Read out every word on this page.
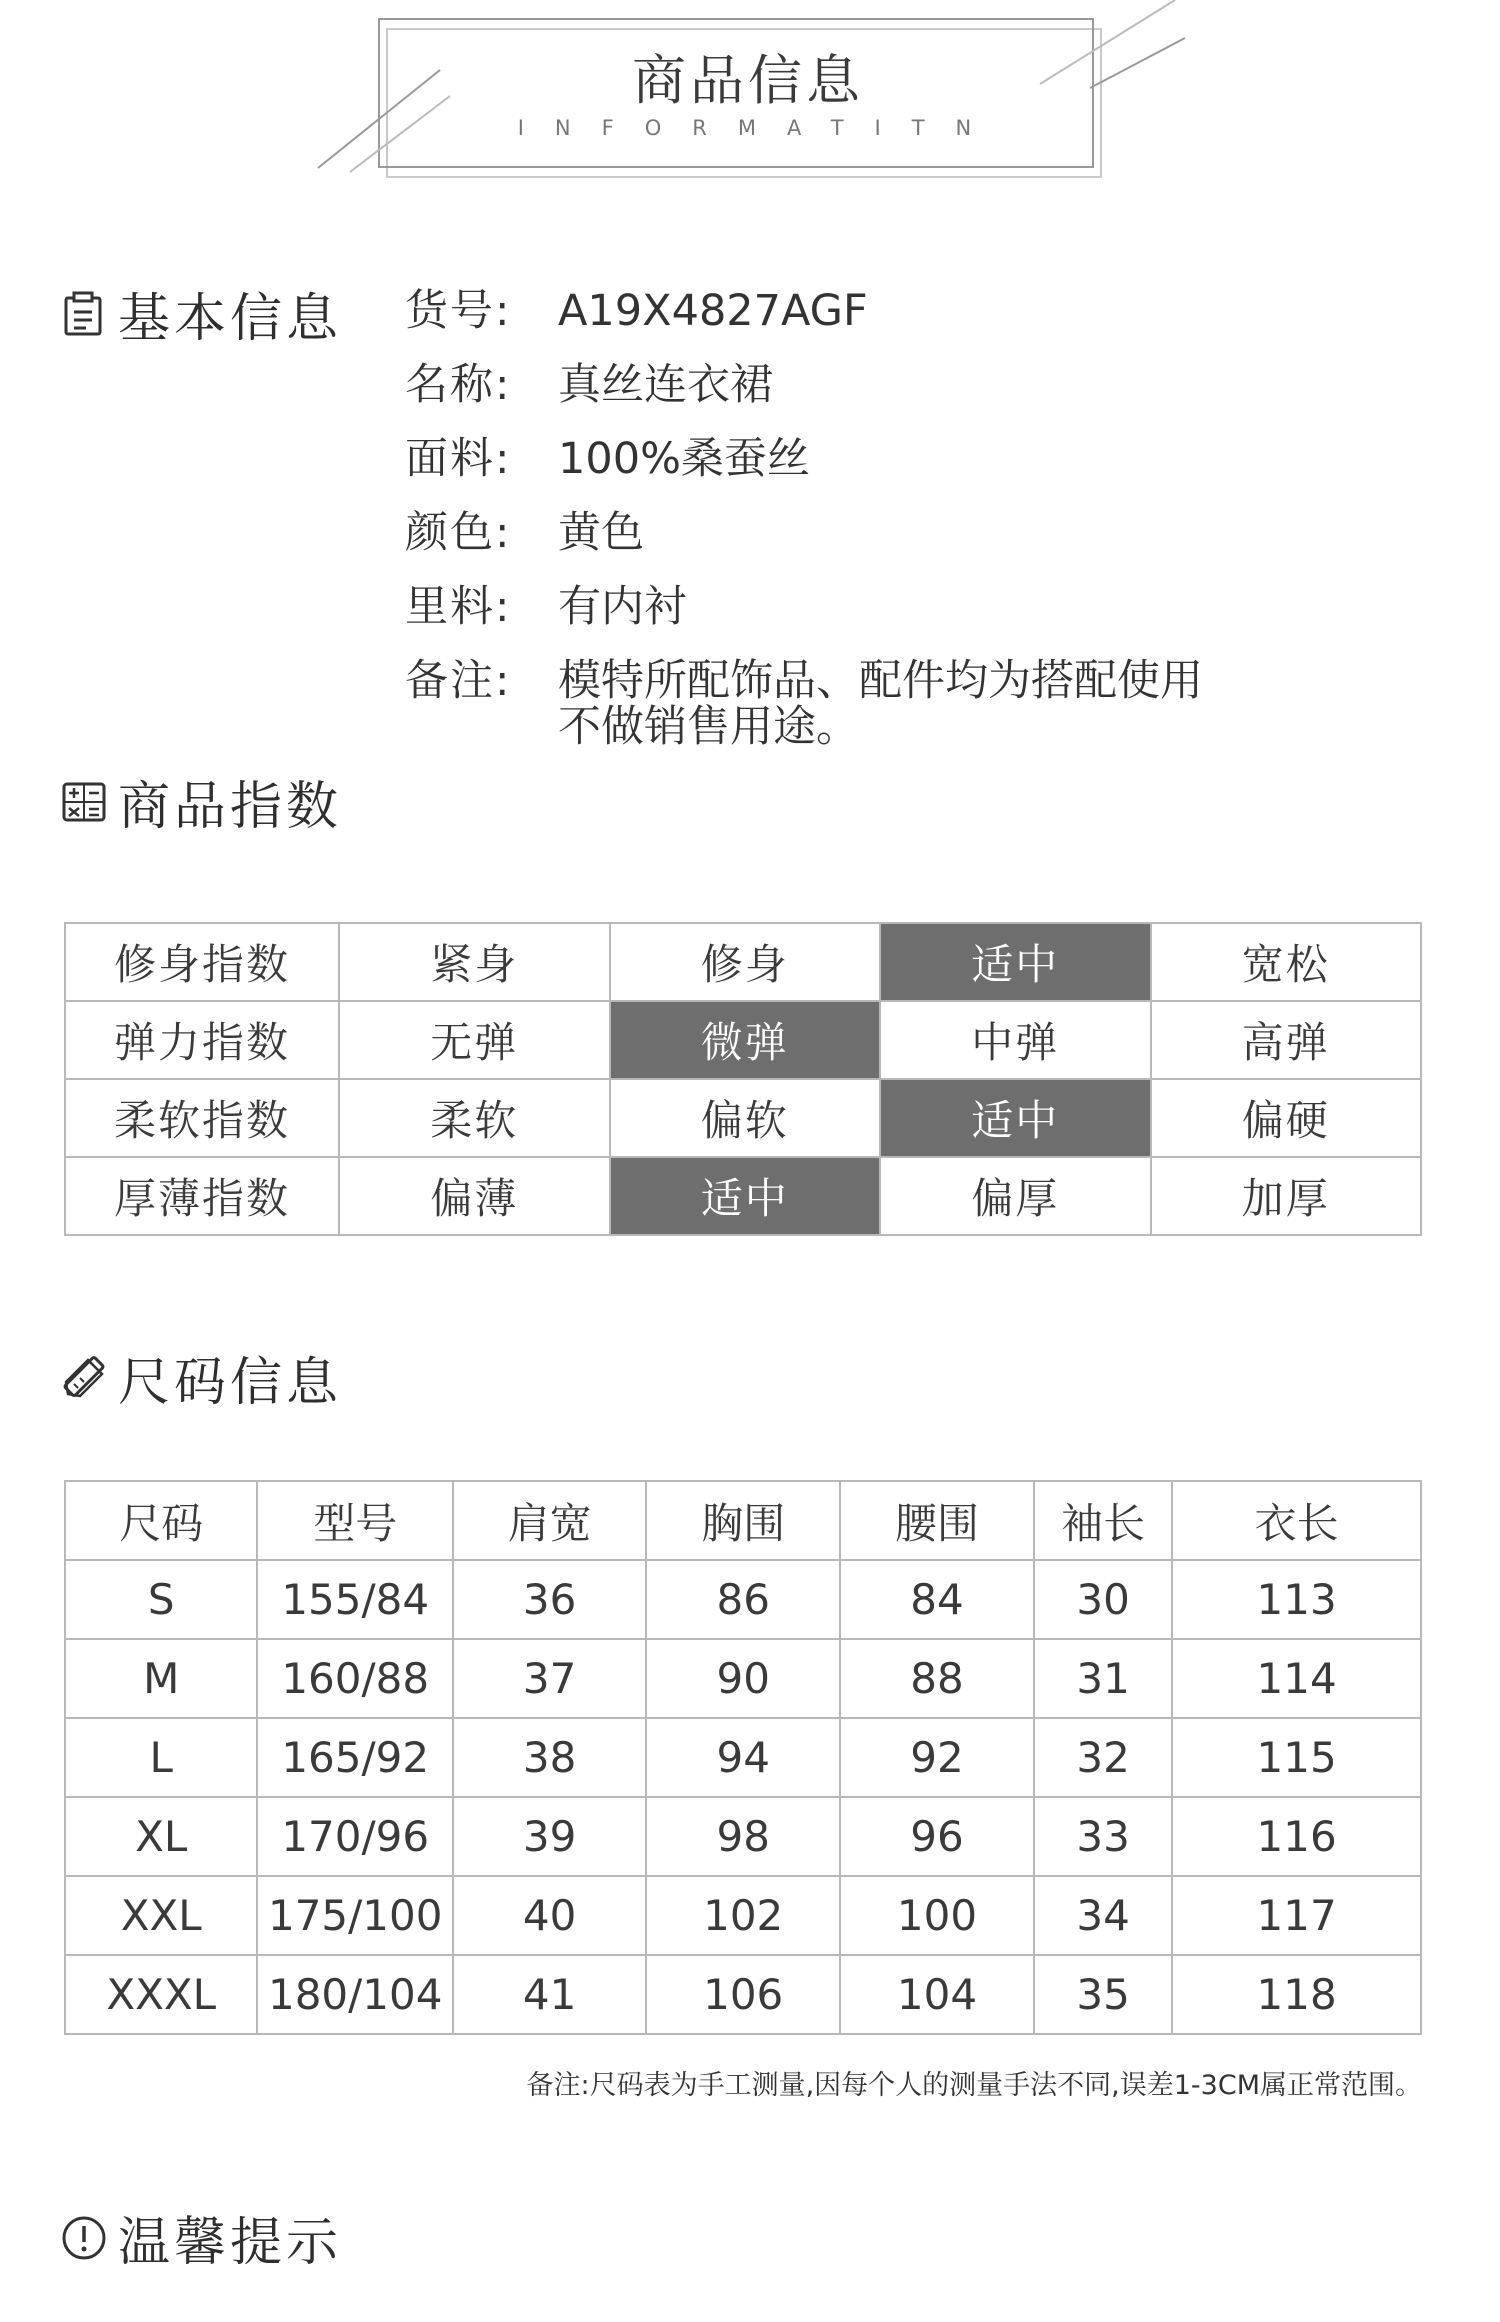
商品信息
INFORMATITN
基本信息 货号:	A19X4827AGF
名称:	真丝连衣裙
面料:	100%桑蚕丝
颜色:	黄色
里料:	有内衬
备注:	模特所配饰品、配件均为搭配使用
不做销售用途。
商品指数
修身指数	紧身	修身	适中	宽松
弹力指数	无弹	微弹	中弹	高弹
柔软指数	柔软	偏软	适中	偏硬
厚薄指数	偏薄	适中	偏厚	加厚
尺码信息
尺码	型号	肩宽	胸围	腰围	袖长	衣长
S	155/84	36	86	84	30	113
M	160/88	37	90	88	31	114
L	165/92	38	94	92	32	115
XL	170/96	39	98	96	33	116
XXL	175/100	40	102	100	34	117
XXXL	180/104	41	106	104	35	118
备注:尺码表为手工测量,因每个人的测量手法不同,误差1-3CM属正常范围。
温馨提示
